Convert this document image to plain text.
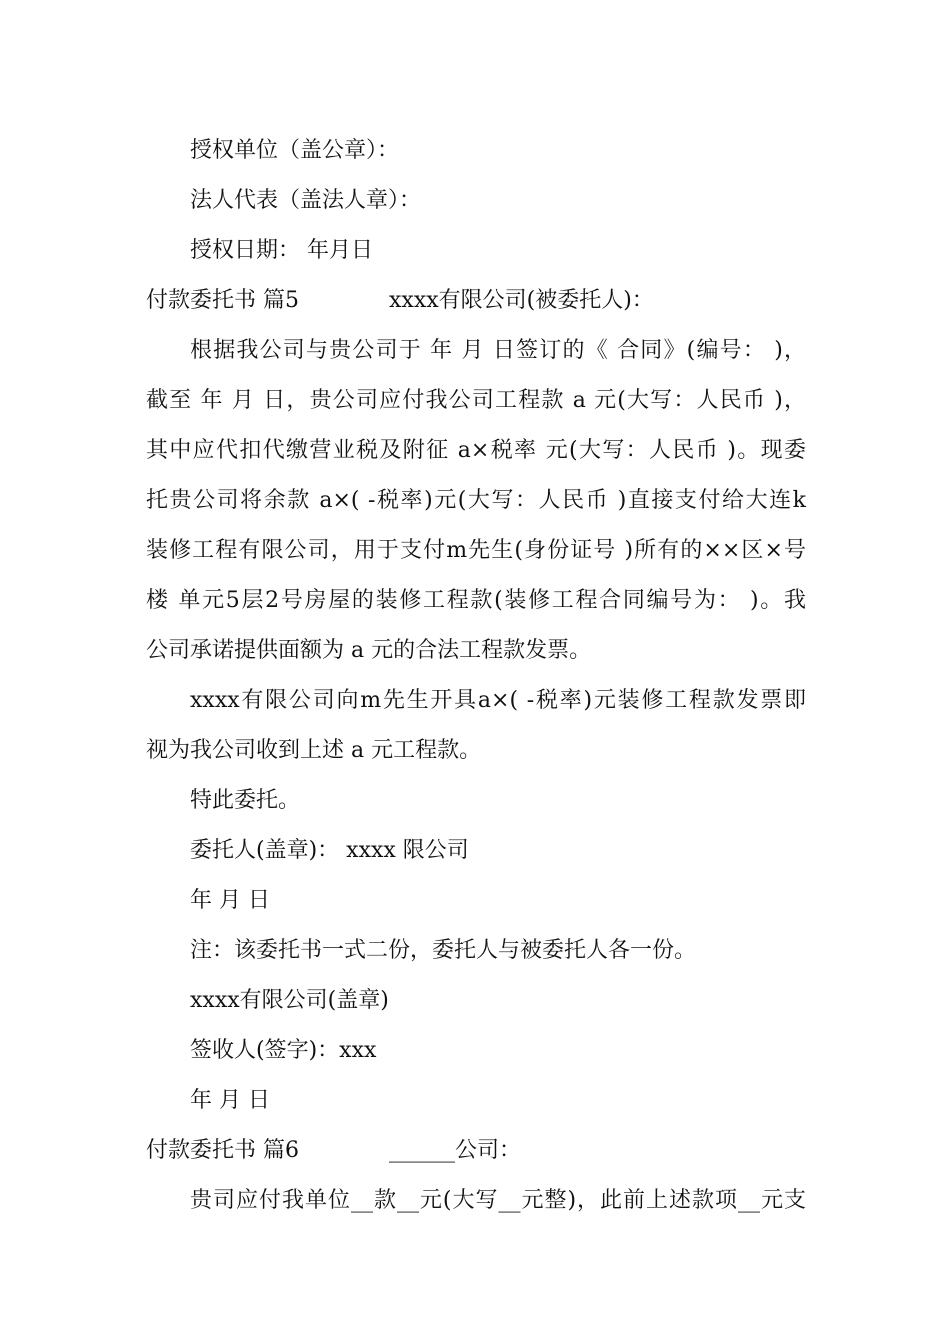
授权单位（盖公章）：
法人代表（盖法人章）：
授权日期： 年月日
付款委托书 篇5	xxxx有限公司(被委托人)：
根据我公司与贵公司于 年 月 日签订的《 合同》(编号： )，
截至 年 月 日，贵公司应付我公司工程款 a 元(大写：人民币 )，
其中应代扣代缴营业税及附征 a×税率 元(大写：人民币 )。现委
托贵公司将余款 a×( -税率)元(大写：人民币 )直接支付给大连k
装修工程有限公司，用于支付m先生(身份证号 )所有的××区×号
楼 单元5层2号房屋的装修工程款(装修工程合同编号为： )。我
公司承诺提供面额为 a 元的合法工程款发票。
xxxx有限公司向m先生开具a×( -税率)元装修工程款发票即
视为我公司收到上述 a 元工程款。
特此委托。
委托人(盖章)： xxxx 限公司
年 月 日
注：该委托书一式二份，委托人与被委托人各一份。
xxxx有限公司(盖章)
签收人(签字)：xxx
年 月 日
付款委托书 篇6	______公司：
贵司应付我单位__款__元(大写__元整)，此前上述款项__元支
